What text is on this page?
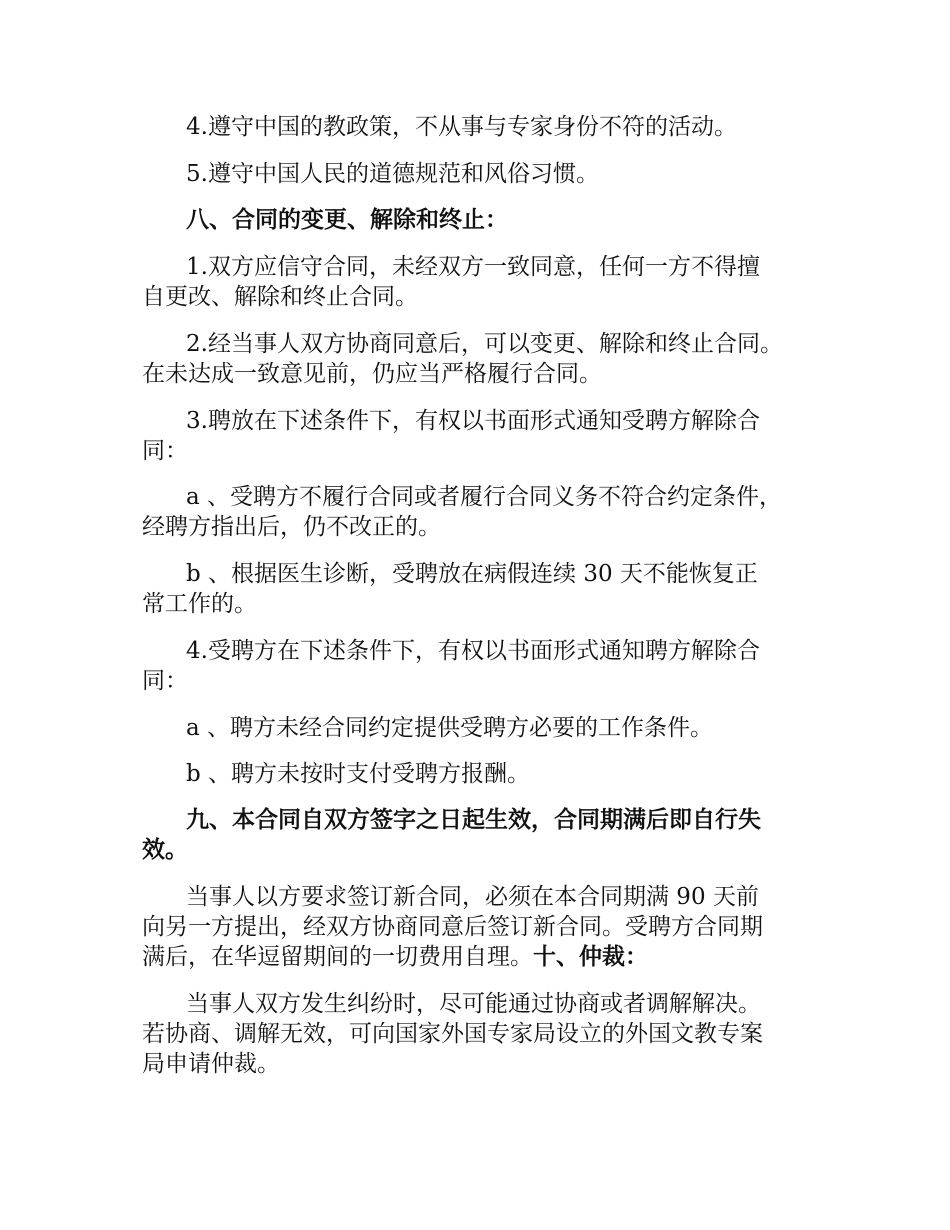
4.遵守中国的教政策，不从事与专家身份不符的活动。

5.遵守中国人民的道德规范和风俗习惯。

八、合同的变更、解除和终止：

1.双方应信守合同，未经双方一致同意，任何一方不得擅
自更改、解除和终止合同。

2.经当事人双方协商同意后，可以变更、解除和终止合同。
在未达成一致意见前，仍应当严格履行合同。

3.聘放在下述条件下，有权以书面形式通知受聘方解除合
同：

a 、受聘方不履行合同或者履行合同义务不符合约定条件，
经聘方指出后，仍不改正的。

b 、根据医生诊断，受聘放在病假连续 30 天不能恢复正
常工作的。

4.受聘方在下述条件下，有权以书面形式通知聘方解除合
同：

a 、聘方未经合同约定提供受聘方必要的工作条件。

b 、聘方未按时支付受聘方报酬。

九、本合同自双方签字之日起生效，合同期满后即自行失
效。

当事人以方要求签订新合同，必须在本合同期满 90 天前
向另一方提出，经双方协商同意后签订新合同。受聘方合同期
满后，在华逗留期间的一切费用自理。十、仲裁：

当事人双方发生纠纷时，尽可能通过协商或者调解解决。
若协商、调解无效，可向国家外国专家局设立的外国文教专案
局申请仲裁。
